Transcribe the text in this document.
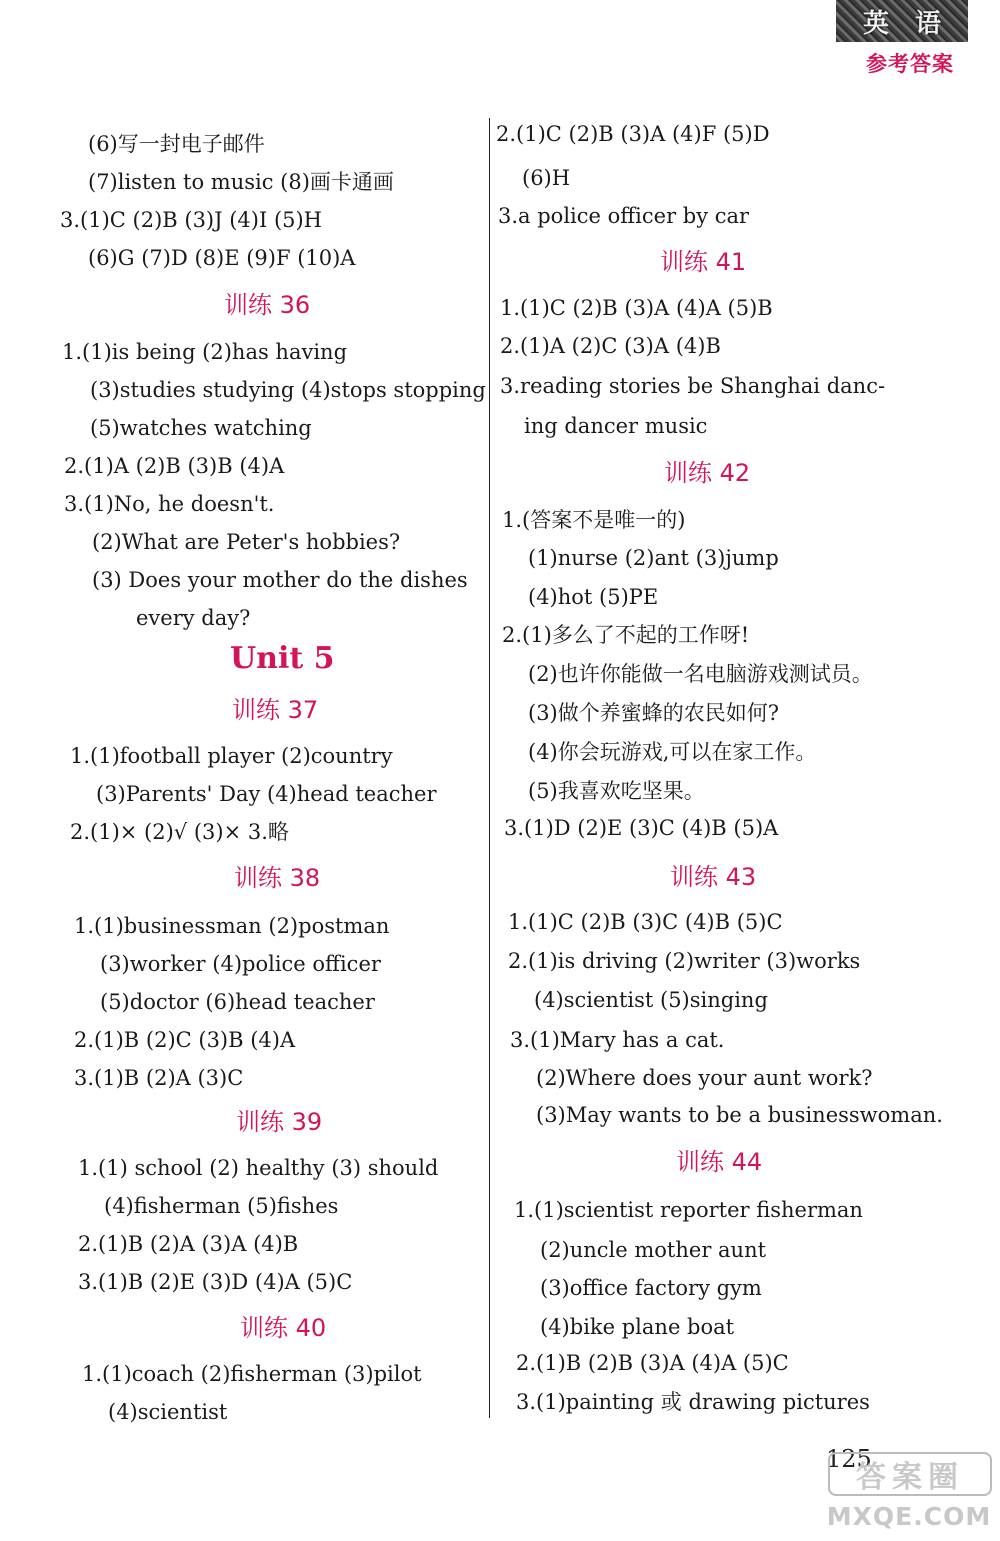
英 语
参考答案
(6)写一封电子邮件
(7)listen to music (8)画卡通画
3.(1)C (2)B (3)J (4)I (5)H
(6)G (7)D (8)E (9)F (10)A
训练 36
1.(1)is being (2)has having
(3)studies studying (4)stops stopping
(5)watches watching
2.(1)A (2)B (3)B (4)A
3.(1)No, he doesn't.
(2)What are Peter's hobbies?
(3) Does your mother do the dishes
every day?
Unit 5
训练 37
1.(1)football player (2)country
(3)Parents' Day (4)head teacher
2.(1)× (2)√ (3)× 3.略
训练 38
1.(1)businessman (2)postman
(3)worker (4)police officer
(5)doctor (6)head teacher
2.(1)B (2)C (3)B (4)A
3.(1)B (2)A (3)C
训练 39
1.(1) school (2) healthy (3) should
(4)fisherman (5)fishes
2.(1)B (2)A (3)A (4)B
3.(1)B (2)E (3)D (4)A (5)C
训练 40
1.(1)coach (2)fisherman (3)pilot
(4)scientist
2.(1)C (2)B (3)A (4)F (5)D
(6)H
3.a police officer by car
训练 41
1.(1)C (2)B (3)A (4)A (5)B
2.(1)A (2)C (3)A (4)B
3.reading stories be Shanghai danc-
ing dancer music
训练 42
1.(答案不是唯一的)
(1)nurse (2)ant (3)jump
(4)hot (5)PE
2.(1)多么了不起的工作呀!
(2)也许你能做一名电脑游戏测试员。
(3)做个养蜜蜂的农民如何?
(4)你会玩游戏,可以在家工作。
(5)我喜欢吃坚果。
3.(1)D (2)E (3)C (4)B (5)A
训练 43
1.(1)C (2)B (3)C (4)B (5)C
2.(1)is driving (2)writer (3)works
(4)scientist (5)singing
3.(1)Mary has a cat.
(2)Where does your aunt work?
(3)May wants to be a businesswoman.
训练 44
1.(1)scientist reporter fisherman
(2)uncle mother aunt
(3)office factory gym
(4)bike plane boat
2.(1)B (2)B (3)A (4)A (5)C
3.(1)painting 或 drawing pictures
125
答案圈
MXQE.COM
